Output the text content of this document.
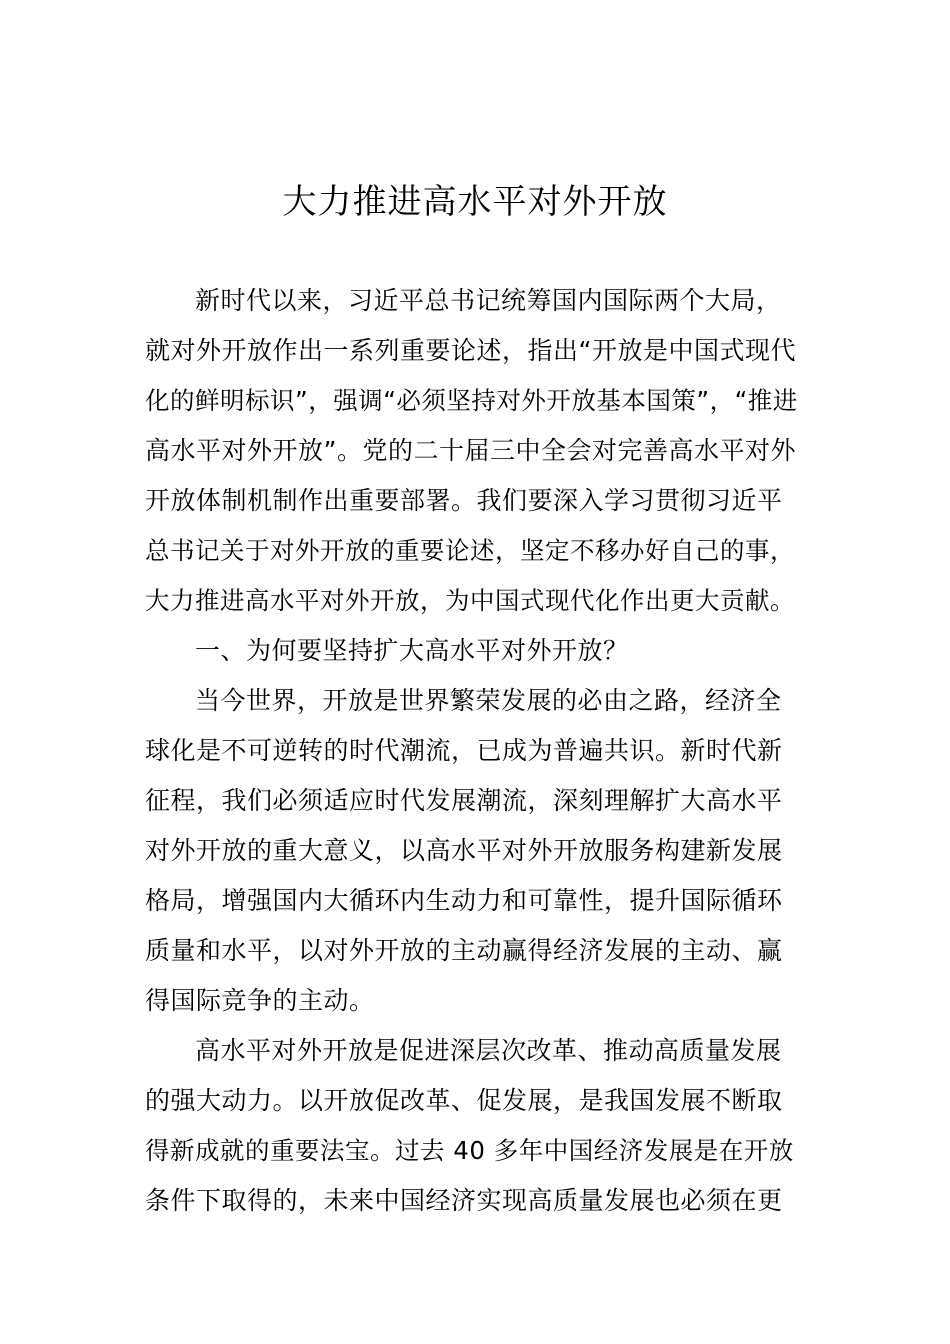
大力推进高水平对外开放
新时代以来，习近平总书记统筹国内国际两个大局，
就对外开放作出一系列重要论述，指出“开放是中国式现代
化的鲜明标识”，强调“必须坚持对外开放基本国策”，“推进
高水平对外开放”。党的二十届三中全会对完善高水平对外
开放体制机制作出重要部署。我们要深入学习贯彻习近平
总书记关于对外开放的重要论述，坚定不移办好自己的事，
大力推进高水平对外开放，为中国式现代化作出更大贡献。
一、为何要坚持扩大高水平对外开放？
当今世界，开放是世界繁荣发展的必由之路，经济全
球化是不可逆转的时代潮流，已成为普遍共识。新时代新
征程，我们必须适应时代发展潮流，深刻理解扩大高水平
对外开放的重大意义，以高水平对外开放服务构建新发展
格局，增强国内大循环内生动力和可靠性，提升国际循环
质量和水平，以对外开放的主动赢得经济发展的主动、赢
得国际竞争的主动。
高水平对外开放是促进深层次改革、推动高质量发展
的强大动力。以开放促改革、促发展，是我国发展不断取
得新成就的重要法宝。过去 40 多年中国经济发展是在开放
条件下取得的，未来中国经济实现高质量发展也必须在更
